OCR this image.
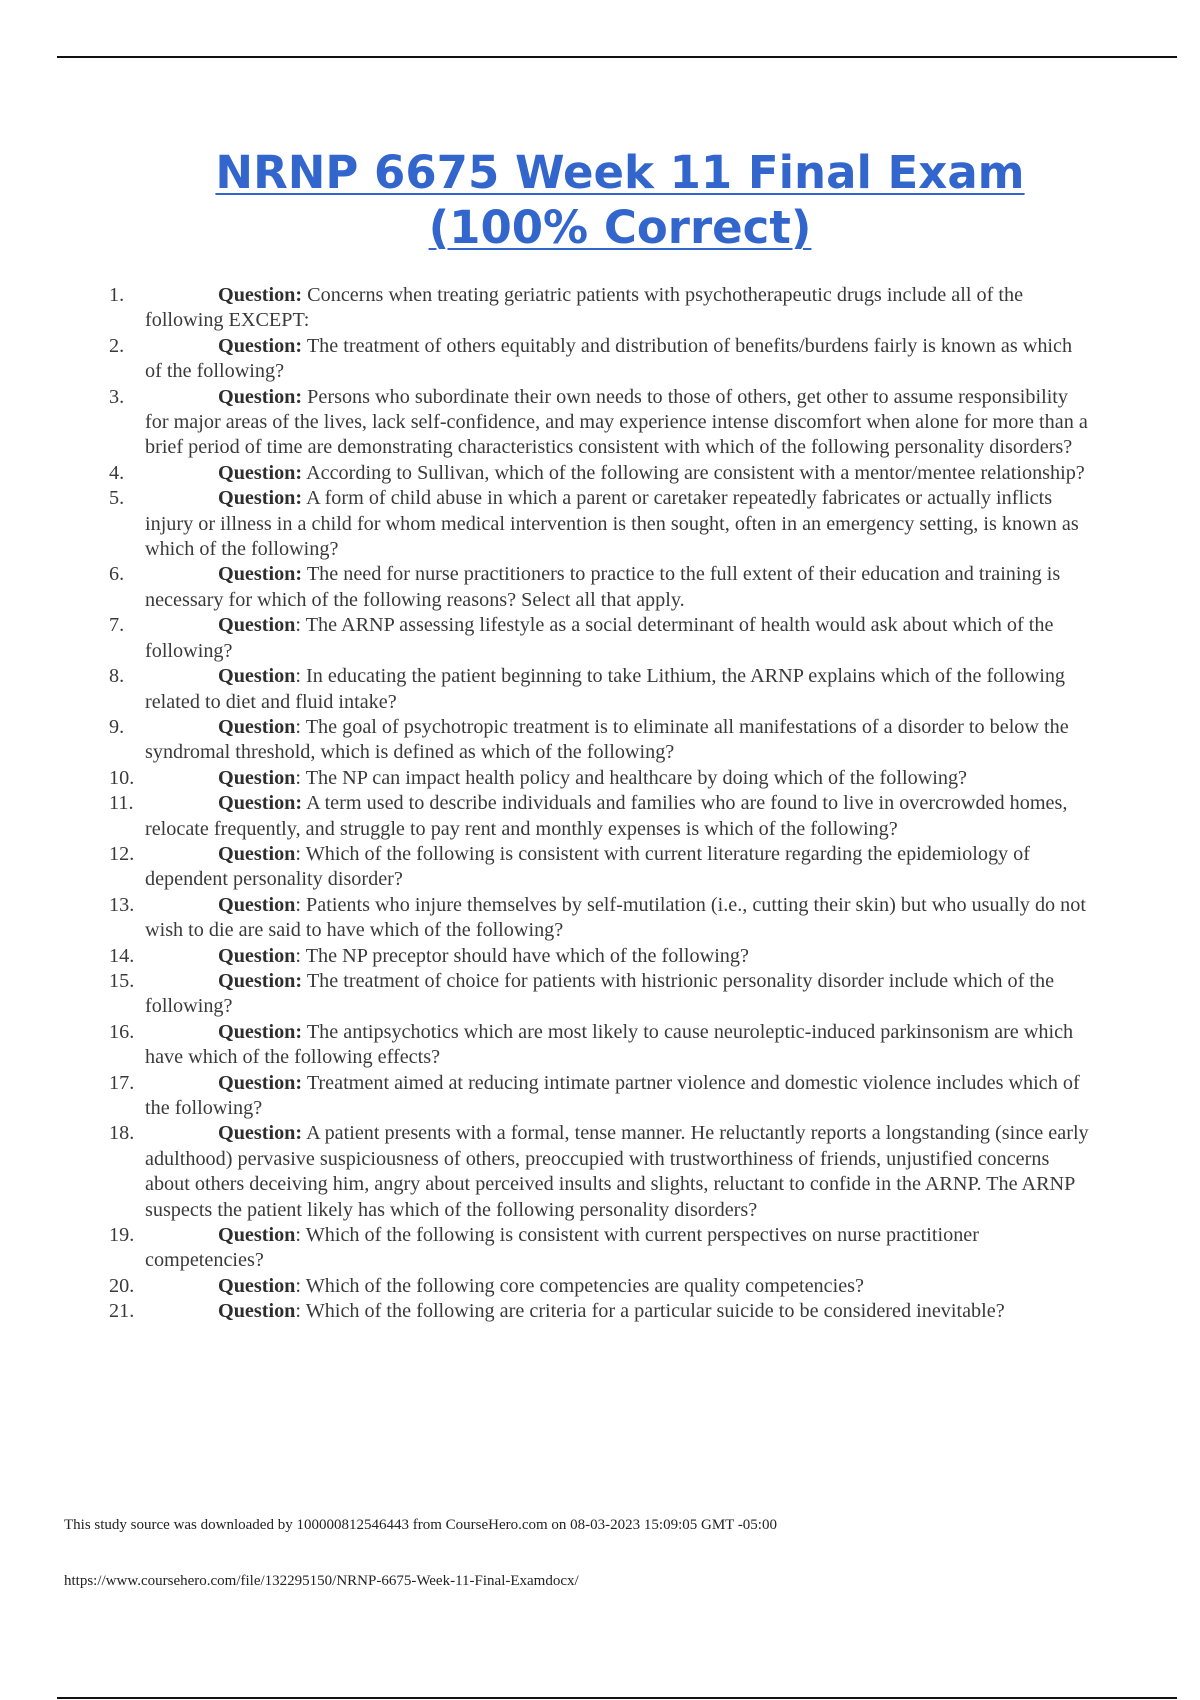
NRNP 6675 Week 11 Final Exam
(100% Correct)
1.	Question: Concerns when treating geriatric patients with psychotherapeutic drugs include all of the following EXCEPT:
2.	Question: The treatment of others equitably and distribution of benefits/burdens fairly is known as which of the following?
3.	Question: Persons who subordinate their own needs to those of others, get other to assume responsibility for major areas of the lives, lack self-confidence, and may experience intense discomfort when alone for more than a brief period of time are demonstrating characteristics consistent with which of the following personality disorders?
4.	Question: According to Sullivan, which of the following are consistent with a mentor/mentee relationship?
5.	Question: A form of child abuse in which a parent or caretaker repeatedly fabricates or actually inflicts injury or illness in a child for whom medical intervention is then sought, often in an emergency setting, is known as which of the following?
6.	Question: The need for nurse practitioners to practice to the full extent of their education and training is necessary for which of the following reasons? Select all that apply.
7.	Question: The ARNP assessing lifestyle as a social determinant of health would ask about which of the following?
8.	Question: In educating the patient beginning to take Lithium, the ARNP explains which of the following related to diet and fluid intake?
9.	Question: The goal of psychotropic treatment is to eliminate all manifestations of a disorder to below the syndromal threshold, which is defined as which of the following?
10.	Question: The NP can impact health policy and healthcare by doing which of the following?
11.	Question: A term used to describe individuals and families who are found to live in overcrowded homes, relocate frequently, and struggle to pay rent and monthly expenses is which of the following?
12.	Question: Which of the following is consistent with current literature regarding the epidemiology of dependent personality disorder?
13.	Question: Patients who injure themselves by self-mutilation (i.e., cutting their skin) but who usually do not wish to die are said to have which of the following?
14.	Question: The NP preceptor should have which of the following?
15.	Question: The treatment of choice for patients with histrionic personality disorder include which of the following?
16.	Question: The antipsychotics which are most likely to cause neuroleptic-induced parkinsonism are which have which of the following effects?
17.	Question: Treatment aimed at reducing intimate partner violence and domestic violence includes which of the following?
18.	Question: A patient presents with a formal, tense manner. He reluctantly reports a longstanding (since early adulthood) pervasive suspiciousness of others, preoccupied with trustworthiness of friends, unjustified concerns about others deceiving him, angry about perceived insults and slights, reluctant to confide in the ARNP. The ARNP suspects the patient likely has which of the following personality disorders?
19.	Question: Which of the following is consistent with current perspectives on nurse practitioner competencies?
20.	Question: Which of the following core competencies are quality competencies?
21.	Question: Which of the following are criteria for a particular suicide to be considered inevitable?
This study source was downloaded by 100000812546443 from CourseHero.com on 08-03-2023 15:09:05 GMT -05:00
https://www.coursehero.com/file/132295150/NRNP-6675-Week-11-Final-Examdocx/
